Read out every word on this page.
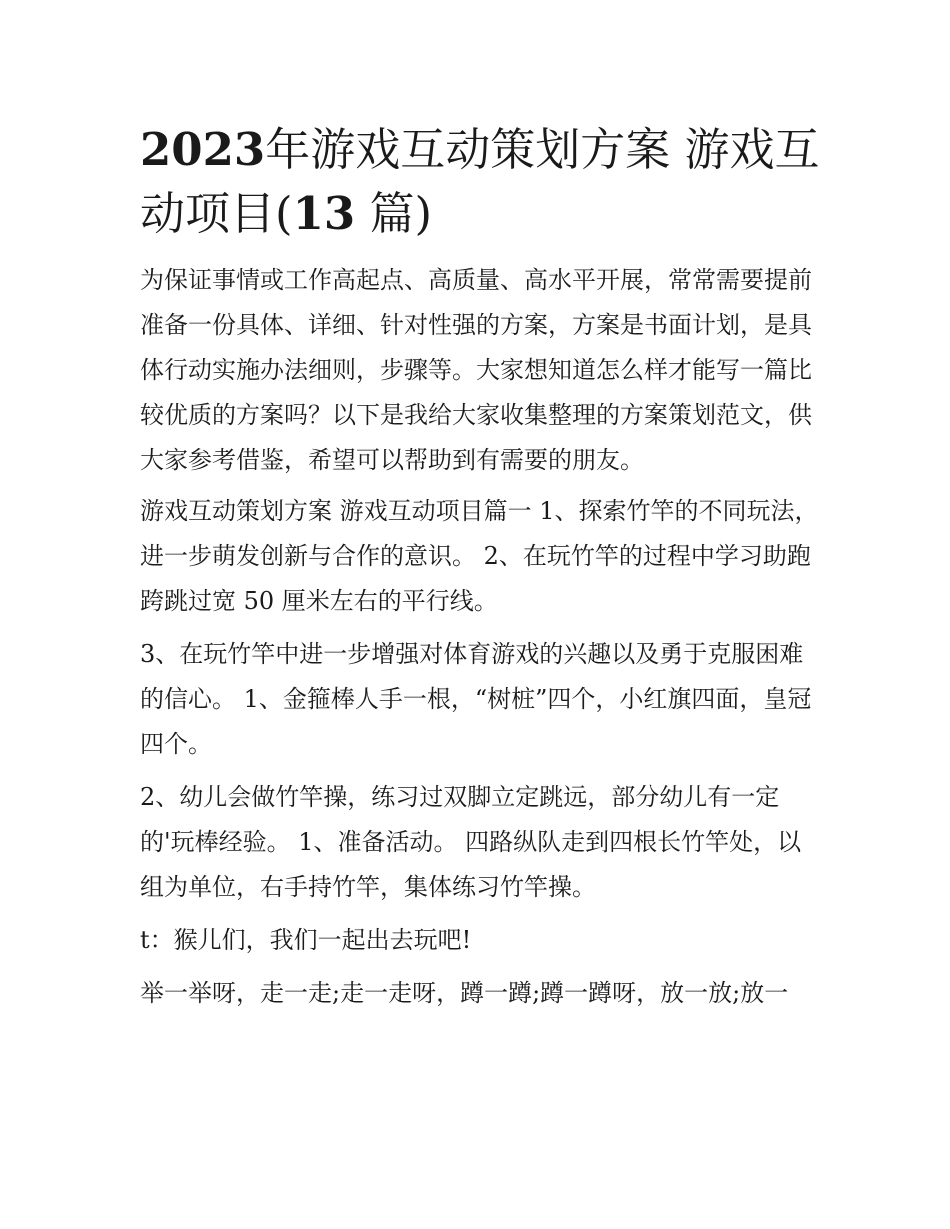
2023年游戏互动策划方案 游戏互动项目(13 篇)

为保证事情或工作高起点、高质量、高水平开展，常常需要提前准备一份具体、详细、针对性强的方案，方案是书面计划，是具体行动实施办法细则，步骤等。大家想知道怎么样才能写一篇比较优质的方案吗？以下是我给大家收集整理的方案策划范文，供大家参考借鉴，希望可以帮助到有需要的朋友。

游戏互动策划方案 游戏互动项目篇一 1、探索竹竿的不同玩法，进一步萌发创新与合作的意识。 2、在玩竹竿的过程中学习助跑跨跳过宽 50 厘米左右的平行线。

3、在玩竹竿中进一步增强对体育游戏的兴趣以及勇于克服困难的信心。 1、金箍棒人手一根，“树桩”四个，小红旗四面，皇冠四个。

2、幼儿会做竹竿操，练习过双脚立定跳远，部分幼儿有一定的'玩棒经验。 1、准备活动。 四路纵队走到四根长竹竿处，以组为单位，右手持竹竿，集体练习竹竿操。

t：猴儿们，我们一起出去玩吧!

举一举呀，走一走;走一走呀，蹲一蹲;蹲一蹲呀，放一放;放一
